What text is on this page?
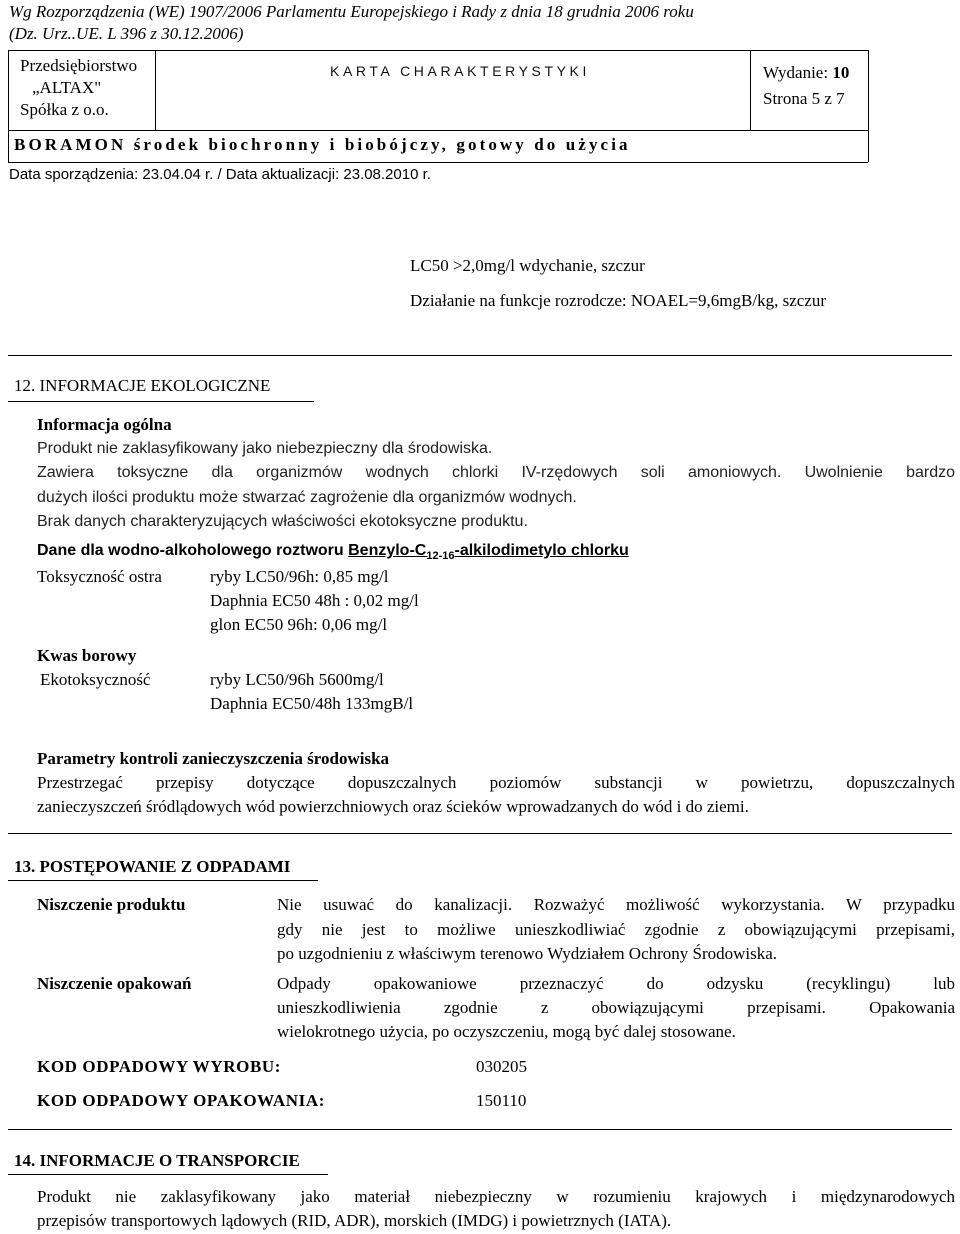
Wg Rozporządzenia (WE) 1907/2006 Parlamentu Europejskiego i Rady z dnia 18 grudnia 2006 roku
(Dz. Urz..UE. L 396 z 30.12.2006)
Przedsiębiorstwo
„ALTAX"
Spółka z o.o.
KARTA CHARAKTERYSTYKI	Wydanie: 10
Strona 5 z 7
BORAMON środek biochronny i biobójczy, gotowy do użycia
Data sporządzenia: 23.04.04 r. / Data aktualizacji: 23.08.2010 r.
LC50 >2,0mg/l wdychanie, szczur
Działanie na funkcje rozrodcze: NOAEL=9,6mgB/kg, szczur
12. INFORMACJE EKOLOGICZNE
Informacja ogólna
Produkt nie zaklasyfikowany jako niebezpieczny dla środowiska.
Zawiera toksyczne dla organizmów wodnych chlorki IV-rzędowych soli amoniowych. Uwolnienie bardzo
dużych ilości produktu może stwarzać zagrożenie dla organizmów wodnych.
Brak danych charakteryzujących właściwości ekotoksyczne produktu.
Dane dla wodno-alkoholowego roztworu Benzylo-$C_{12-16}$-alkilodimetylo chlorku
Toksyczność ostra	ryby LC50/96h: 0,85 mg/l
Daphnia EC50 48h : 0,02 mg/l
glon EC50 96h: 0,06 mg/l
Kwas borowy
Ekotoksyczność	ryby LC50/96h 5600mg/l
Daphnia EC50/48h 133mgB/l
Parametry kontroli zanieczyszczenia środowiska
Przestrzegać przepisy dotyczące dopuszczalnych poziomów substancji w powietrzu, dopuszczalnych
zanieczyszczeń śródlądowych wód powierzchniowych oraz ścieków wprowadzanych do wód i do ziemi.
13. POSTĘPOWANIE Z ODPADAMI
Niszczenie produktu	Nie usuwać do kanalizacji. Rozważyć możliwość wykorzystania. W przypadku
gdy nie jest to możliwe unieszkodliwiać zgodnie z obowiązującymi przepisami,
po uzgodnieniu z właściwym terenowo Wydziałem Ochrony Środowiska.
Niszczenie opakowań	Odpady opakowaniowe przeznaczyć do odzysku (recyklingu) lub
unieszkodliwienia zgodnie z obowiązującymi przepisami. Opakowania
wielokrotnego użycia, po oczyszczeniu, mogą być dalej stosowane.
KOD ODPADOWY WYROBU:	030205
KOD ODPADOWY OPAKOWANIA:	150110
14. INFORMACJE O TRANSPORCIE
Produkt nie zaklasyfikowany jako materiał niebezpieczny w rozumieniu krajowych i międzynarodowych
przepisów transportowych lądowych (RID, ADR), morskich (IMDG) i powietrznych (IATA).
